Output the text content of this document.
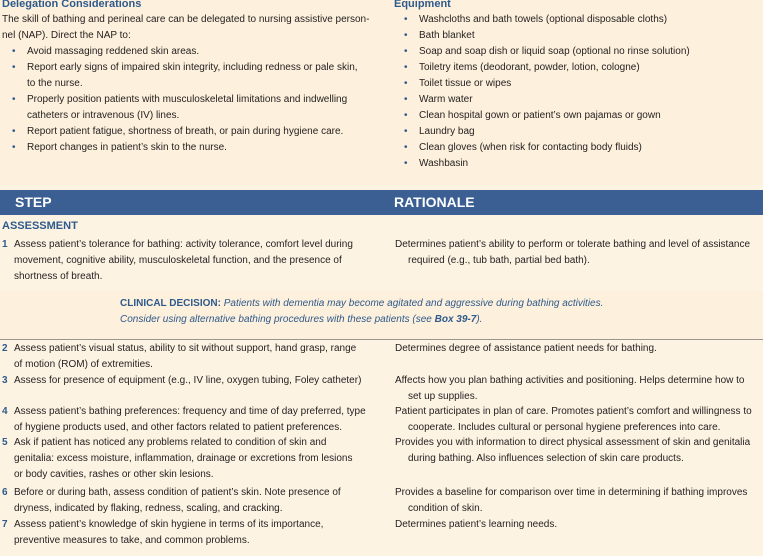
Delegation Considerations
The skill of bathing and perineal care can be delegated to nursing assistive person-
nel (NAP). Direct the NAP to:
• Avoid massaging reddened skin areas.
• Report early signs of impaired skin integrity, including redness or pale skin,
to the nurse.
• Properly position patients with musculoskeletal limitations and indwelling
catheters or intravenous (IV) lines.
• Report patient fatigue, shortness of breath, or pain during hygiene care.
• Report changes in patient’s skin to the nurse.
Equipment
• Washcloths and bath towels (optional disposable cloths)
• Bath blanket
• Soap and soap dish or liquid soap (optional no rinse solution)
• Toiletry items (deodorant, powder, lotion, cologne)
• Toilet tissue or wipes
• Warm water
• Clean hospital gown or patient’s own pajamas or gown
• Laundry bag
• Clean gloves (when risk for contacting body fluids)
• Washbasin
STEP	RATIONALE
ASSESSMENT
1 Assess patient’s tolerance for bathing: activity tolerance, comfort level during
movement, cognitive ability, musculoskeletal function, and the presence of
shortness of breath.
Determines patient’s ability to perform or tolerate bathing and level of assistance
required (e.g., tub bath, partial bed bath).
CLINICAL DECISION: Patients with dementia may become agitated and aggressive during bathing activities.
Consider using alternative bathing procedures with these patients (see Box 39-7).
2 Assess patient’s visual status, ability to sit without support, hand grasp, range
of motion (ROM) of extremities.
Determines degree of assistance patient needs for bathing.
3 Assess for presence of equipment (e.g., IV line, oxygen tubing, Foley catheter)	Affects how you plan bathing activities and positioning. Helps determine how to
set up supplies.
4 Assess patient’s bathing preferences: frequency and time of day preferred, type
of hygiene products used, and other factors related to patient preferences.
Patient participates in plan of care. Promotes patient’s comfort and willingness to
cooperate. Includes cultural or personal hygiene preferences into care.
5 Ask if patient has noticed any problems related to condition of skin and
genitalia: excess moisture, inflammation, drainage or excretions from lesions
or body cavities, rashes or other skin lesions.
Provides you with information to direct physical assessment of skin and genitalia
during bathing. Also influences selection of skin care products.
6 Before or during bath, assess condition of patient’s skin. Note presence of
dryness, indicated by flaking, redness, scaling, and cracking.
Provides a baseline for comparison over time in determining if bathing improves
condition of skin.
7 Assess patient’s knowledge of skin hygiene in terms of its importance,
preventive measures to take, and common problems.
Determines patient’s learning needs.
